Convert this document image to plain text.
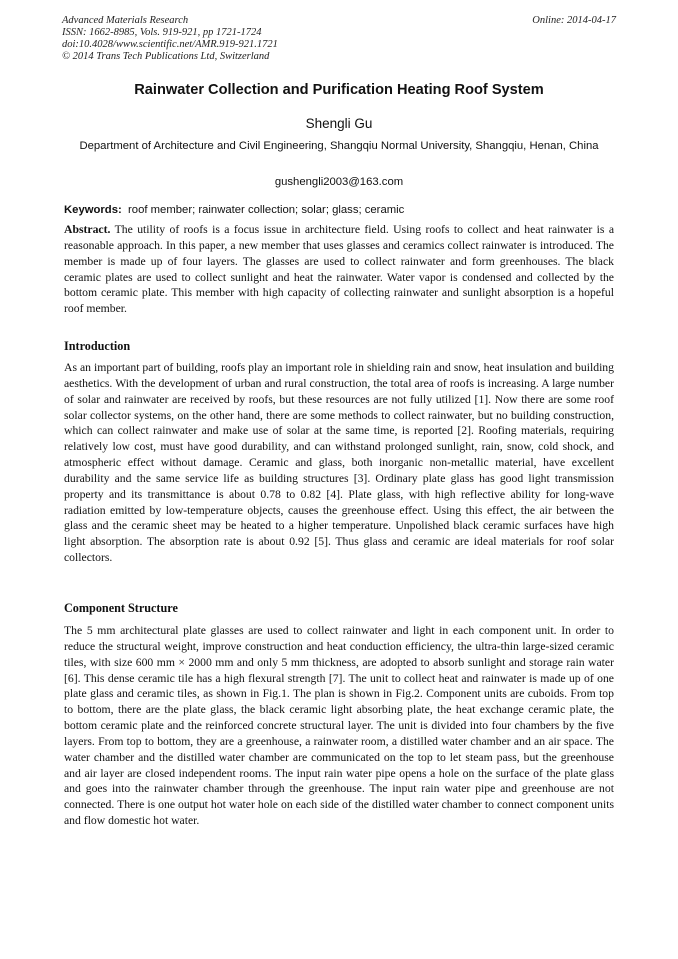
Advanced Materials Research
ISSN: 1662-8985, Vols. 919-921, pp 1721-1724
doi:10.4028/www.scientific.net/AMR.919-921.1721
© 2014 Trans Tech Publications Ltd, Switzerland
Online: 2014-04-17
Rainwater Collection and Purification Heating Roof System
Shengli Gu
Department of Architecture and Civil Engineering, Shangqiu Normal University, Shangqiu, Henan, China
gushengli2003@163.com
Keywords: roof member; rainwater collection; solar; glass; ceramic
Abstract. The utility of roofs is a focus issue in architecture field. Using roofs to collect and heat rainwater is a reasonable approach. In this paper, a new member that uses glasses and ceramics collect rainwater is introduced. The member is made up of four layers. The glasses are used to collect rainwater and form greenhouses. The black ceramic plates are used to collect sunlight and heat the rainwater. Water vapor is condensed and collected by the bottom ceramic plate. This member with high capacity of collecting rainwater and sunlight absorption is a hopeful roof member.
Introduction
As an important part of building, roofs play an important role in shielding rain and snow, heat insulation and building aesthetics. With the development of urban and rural construction, the total area of roofs is increasing. A large number of solar and rainwater are received by roofs, but these resources are not fully utilized [1]. Now there are some roof solar collector systems, on the other hand, there are some methods to collect rainwater, but no building construction, which can collect rainwater and make use of solar at the same time, is reported [2]. Roofing materials, requiring relatively low cost, must have good durability, and can withstand prolonged sunlight, rain, snow, cold shock, and atmospheric effect without damage. Ceramic and glass, both inorganic non-metallic material, have excellent durability and the same service life as building structures [3]. Ordinary plate glass has good light transmission property and its transmittance is about 0.78 to 0.82 [4]. Plate glass, with high reflective ability for long-wave radiation emitted by low-temperature objects, causes the greenhouse effect. Using this effect, the air between the glass and the ceramic sheet may be heated to a higher temperature. Unpolished black ceramic surfaces have high light absorption. The absorption rate is about 0.92 [5]. Thus glass and ceramic are ideal materials for roof solar collectors.
Component Structure
The 5 mm architectural plate glasses are used to collect rainwater and light in each component unit. In order to reduce the structural weight, improve construction and heat conduction efficiency, the ultra-thin large-sized ceramic tiles, with size 600 mm × 2000 mm and only 5 mm thickness, are adopted to absorb sunlight and storage rain water [6]. This dense ceramic tile has a high flexural strength [7]. The unit to collect heat and rainwater is made up of one plate glass and ceramic tiles, as shown in Fig.1. The plan is shown in Fig.2. Component units are cuboids. From top to bottom, there are the plate glass, the black ceramic light absorbing plate, the heat exchange ceramic plate, the bottom ceramic plate and the reinforced concrete structural layer. The unit is divided into four chambers by the five layers. From top to bottom, they are a greenhouse, a rainwater room, a distilled water chamber and an air space. The water chamber and the distilled water chamber are communicated on the top to let steam pass, but the greenhouse and air layer are closed independent rooms. The input rain water pipe opens a hole on the surface of the plate glass and goes into the rainwater chamber through the greenhouse. The input rain water pipe and greenhouse are not connected. There is one output hot water hole on each side of the distilled water chamber to connect component units and flow domestic hot water.
